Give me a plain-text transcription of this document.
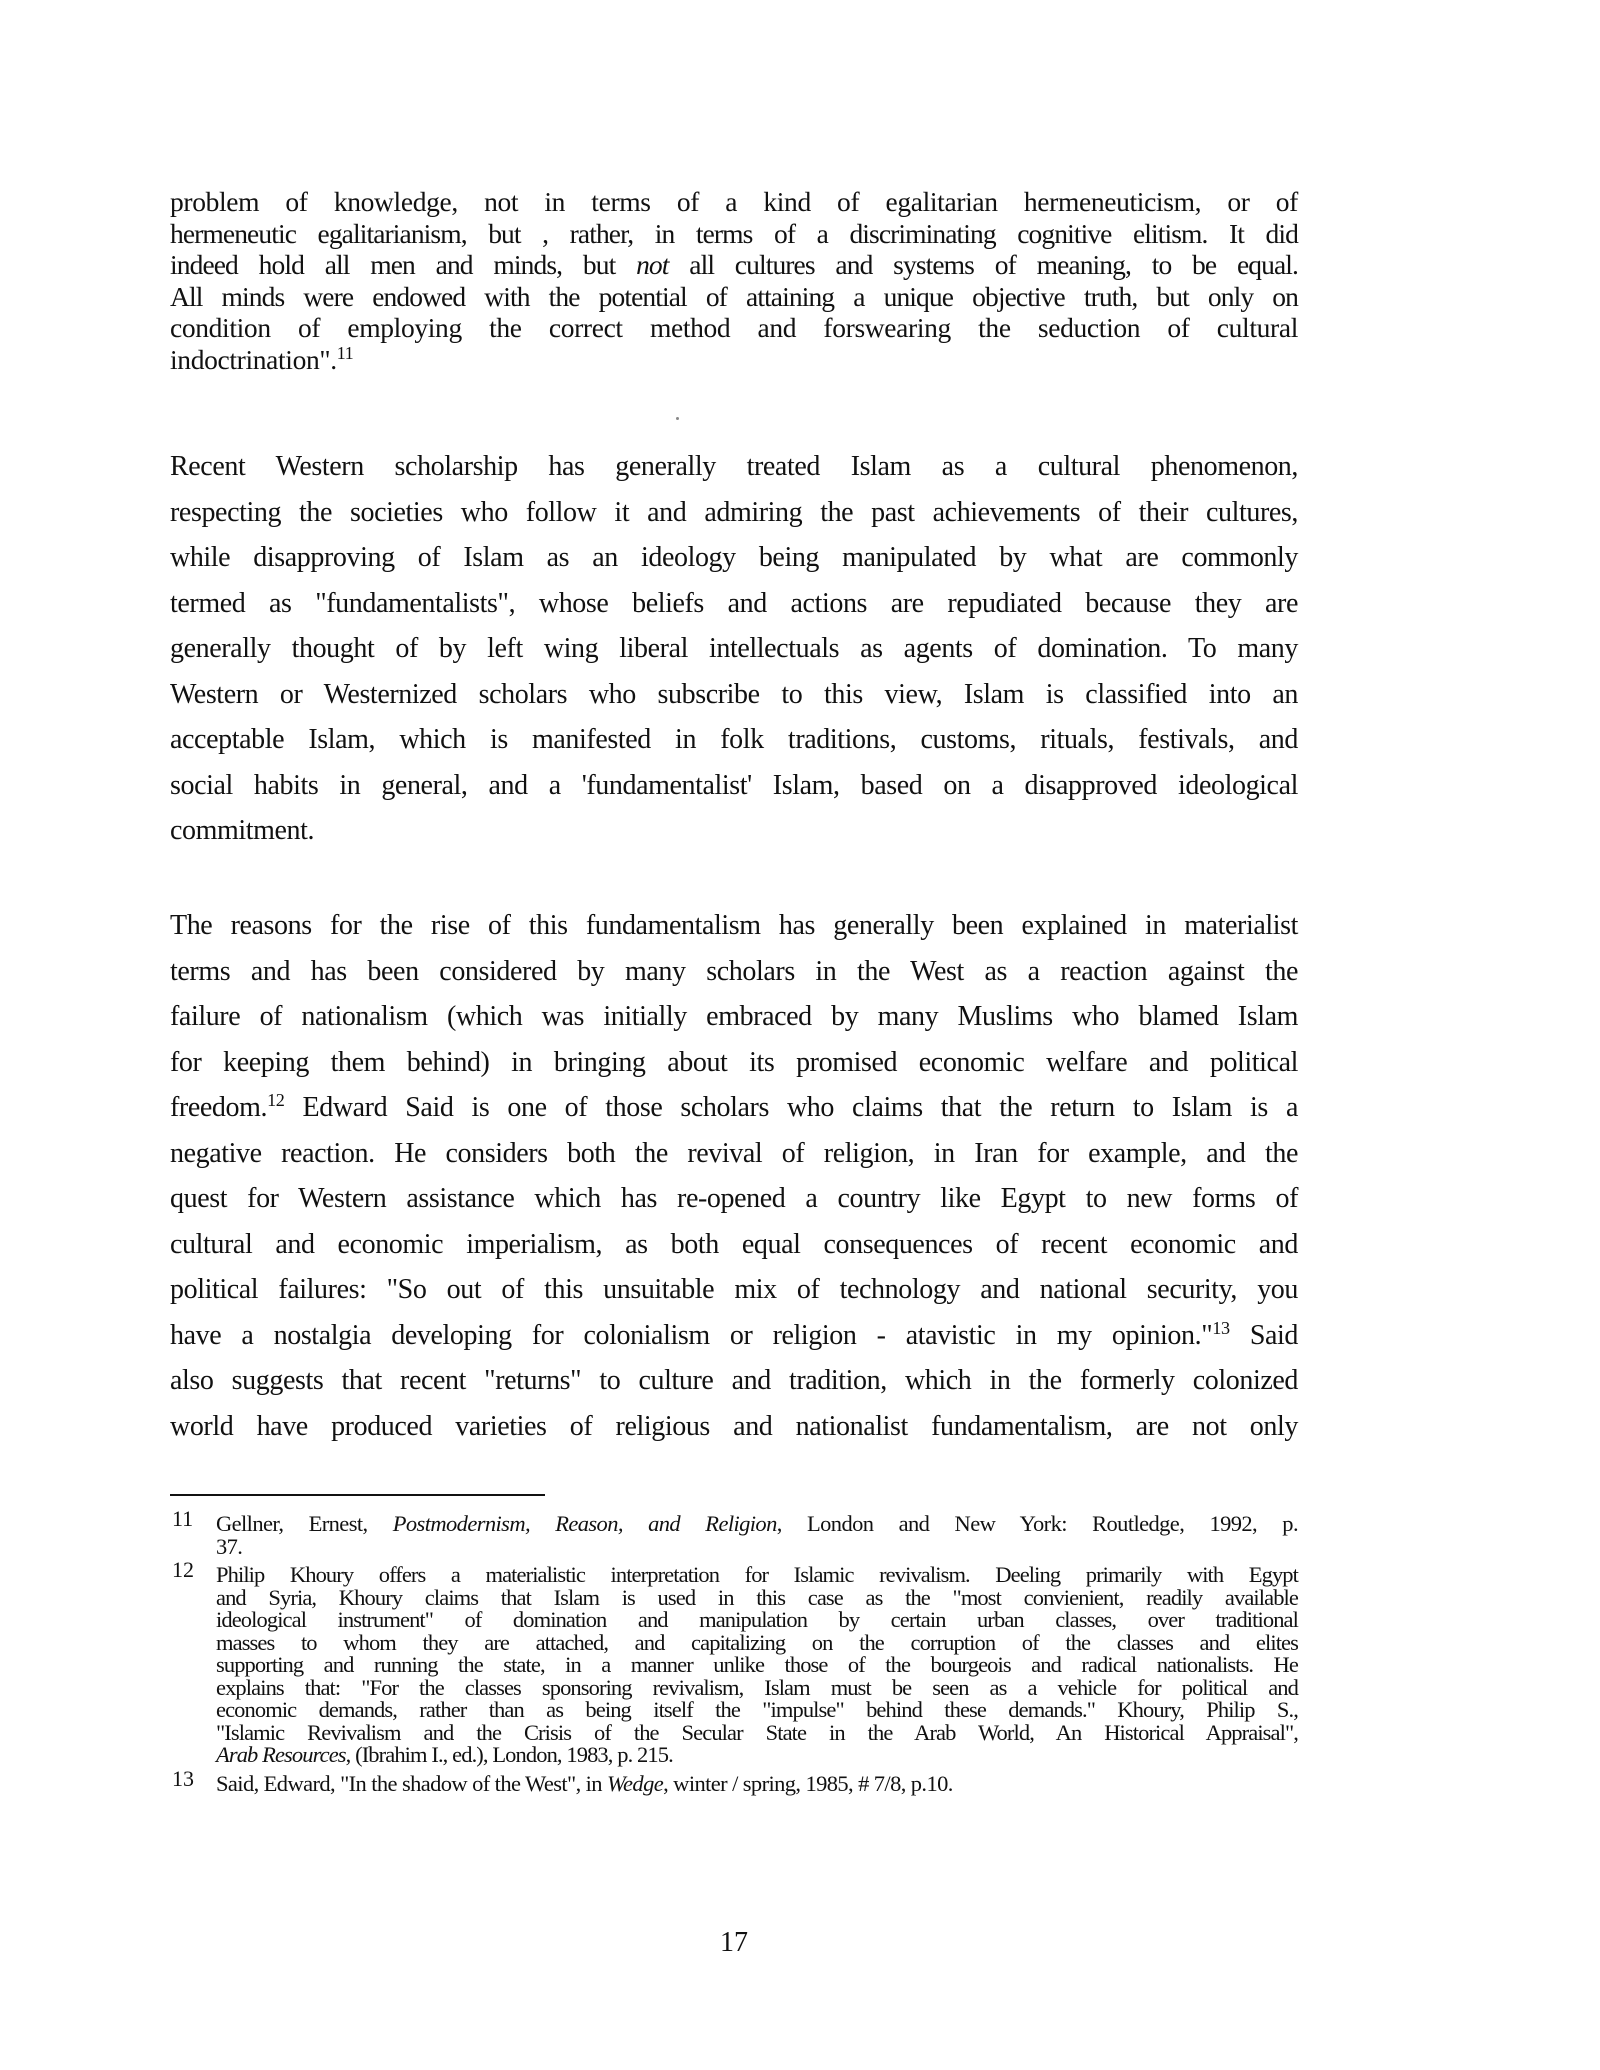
problem of knowledge, not in terms of a kind of egalitarian hermeneuticism, or of
hermeneutic egalitarianism, but , rather, in terms of a discriminating cognitive elitism. It did
indeed hold all men and minds, but not all cultures and systems of meaning, to be equal.
All minds were endowed with the potential of attaining a unique objective truth, but only on
condition of employing the correct method and forswearing the seduction of cultural
indoctrination".$^{11}$
Recent Western scholarship has generally treated Islam as a cultural phenomenon,
respecting the societies who follow it and admiring the past achievements of their cultures,
while disapproving of Islam as an ideology being manipulated by what are commonly
termed as "fundamentalists", whose beliefs and actions are repudiated because they are
generally thought of by left wing liberal intellectuals as agents of domination. To many
Western or Westernized scholars who subscribe to this view, Islam is classified into an
acceptable Islam, which is manifested in folk traditions, customs, rituals, festivals, and
social habits in general, and a 'fundamentalist' Islam, based on a disapproved ideological
commitment.
The reasons for the rise of this fundamentalism has generally been explained in materialist
terms and has been considered by many scholars in the West as a reaction against the
failure of nationalism (which was initially embraced by many Muslims who blamed Islam
for keeping them behind) in bringing about its promised economic welfare and political
freedom.$^{12}$ Edward Said is one of those scholars who claims that the return to Islam is a
negative reaction. He considers both the revival of religion, in Iran for example, and the
quest for Western assistance which has re-opened a country like Egypt to new forms of
cultural and economic imperialism, as both equal consequences of recent economic and
political failures: "So out of this unsuitable mix of technology and national security, you
have a nostalgia developing for colonialism or religion - atavistic in my opinion."$^{13}$ Said
also suggests that recent "returns" to culture and tradition, which in the formerly colonized
world have produced varieties of religious and nationalist fundamentalism, are not only
11 Gellner, Ernest, Postmodernism, Reason, and Religion, London and New York: Routledge, 1992, p.
37.
12 Philip Khoury offers a materialistic interpretation for Islamic revivalism. Deeling primarily with Egypt
and Syria, Khoury claims that Islam is used in this case as the "most convienient, readily available
ideological instrument" of domination and manipulation by certain urban classes, over traditional
masses to whom they are attached, and capitalizing on the corruption of the classes and elites
supporting and running the state, in a manner unlike those of the bourgeois and radical nationalists. He
explains that: "For the classes sponsoring revivalism, Islam must be seen as a vehicle for political and
economic demands, rather than as being itself the "impulse" behind these demands." Khoury, Philip S.,
"Islamic Revivalism and the Crisis of the Secular State in the Arab World, An Historical Appraisal",
Arab Resources, (Ibrahim I., ed.), London, 1983, p. 215.
13 Said, Edward, "In the shadow of the West", in Wedge, winter / spring, 1985, # 7/8, p.10.
17
